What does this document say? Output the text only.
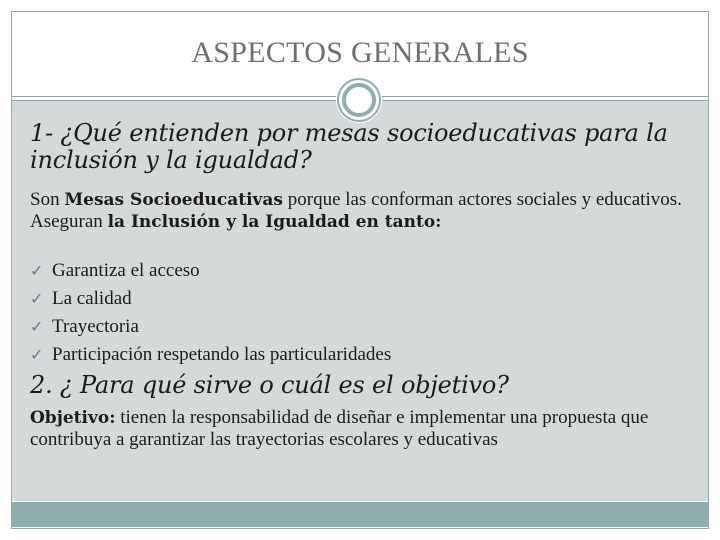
ASPECTOS GENERALES
1- ¿Qué entienden por mesas socioeducativas para la inclusión y la igualdad?

Son Mesas Socioeducativas porque las conforman actores sociales y educativos. Aseguran la Inclusión y la Igualdad en tanto:

✓ Garantiza el acceso
✓ La calidad
✓ Trayectoria
✓ Participación respetando las particularidades
2. ¿ Para qué sirve o cuál es el objetivo?

Objetivo: tienen la responsabilidad de diseñar e implementar una propuesta que contribuya a garantizar las trayectorias escolares y educativas
